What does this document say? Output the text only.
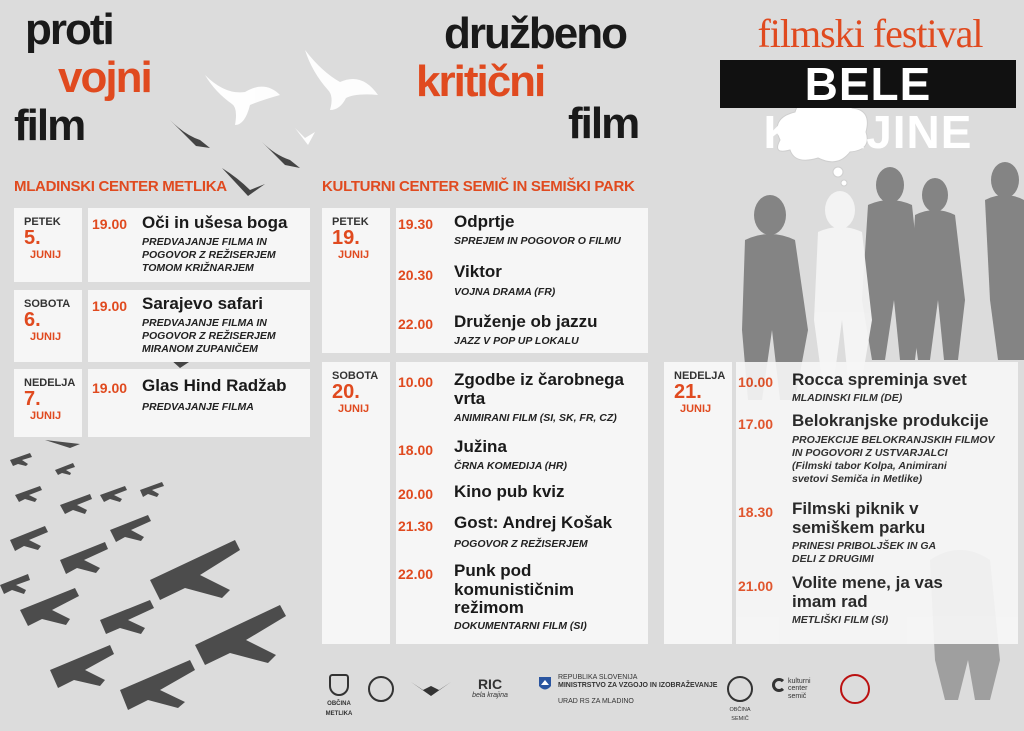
proti
vojni
film
družbeno
kritični
film
filmski festival
BELE KRAJINE
MLADINSKI CENTER METLIKA	KULTURNI CENTER SEMIČ IN SEMIŠKI PARK
PETEK
5.
JUNIJ
19.00 Oči in ušesa boga
PREDVAJANJE FILMA IN
POGOVOR Z REŽISERJEM
TOMOM KRIŽNARJEM
SOBOTA
6.
JUNIJ
19.00 Sarajevo safari
PREDVAJANJE FILMA IN
POGOVOR Z REŽISERJEM
MIRANOM ZUPANIČEM
NEDELJA
7.
JUNIJ
19.00 Glas Hind Radžab
PREDVAJANJE FILMA
PETEK
19.
JUNIJ
19.30 Odprtje
SPREJEM IN POGOVOR O FILMU
20.30 Viktor
VOJNA DRAMA (FR)
22.00 Druženje ob jazzu
JAZZ V POP UP LOKALU
SOBOTA
20.
JUNIJ
10.00 Zgodbe iz čarobnega
vrta
ANIMIRANI FILM (SI, SK, FR, CZ)
18.00 Južina
ČRNA KOMEDIJA (HR)
20.00 Kino pub kviz
21.30 Gost: Andrej Košak
POGOVOR Z REŽISERJEM
22.00 Punk pod
komunističnim
režimom
DOKUMENTARNI FILM (SI)
NEDELJA
21.
JUNIJ
10.00 Rocca spreminja svet
MLADINSKI FILM (DE)
17.00 Belokranjske produkcije
PROJEKCIJE BELOKRANJSKIH FILMOV
IN POGOVORI Z USTVARJALCI
(Filmski tabor Kolpa, Animirani
svetovi Semiča in Metlike)
18.30 Filmski piknik v
semiškem parku
PRINESI PRIBOLJŠEK IN GA
DELI Z DRUGIMI
21.00 Volite mene, ja vas
imam rad
METLIŠKI FILM (SI)
OBČINA
METLIKA
RIC
bela krajina
REPUBLIKA SLOVENIJA
MINISTRSTVO ZA VZGOJO IN IZOBRAŽEVANJE
URAD RS ZA MLADINO
OBČINA SEMIČ
kulturni
center
semič
